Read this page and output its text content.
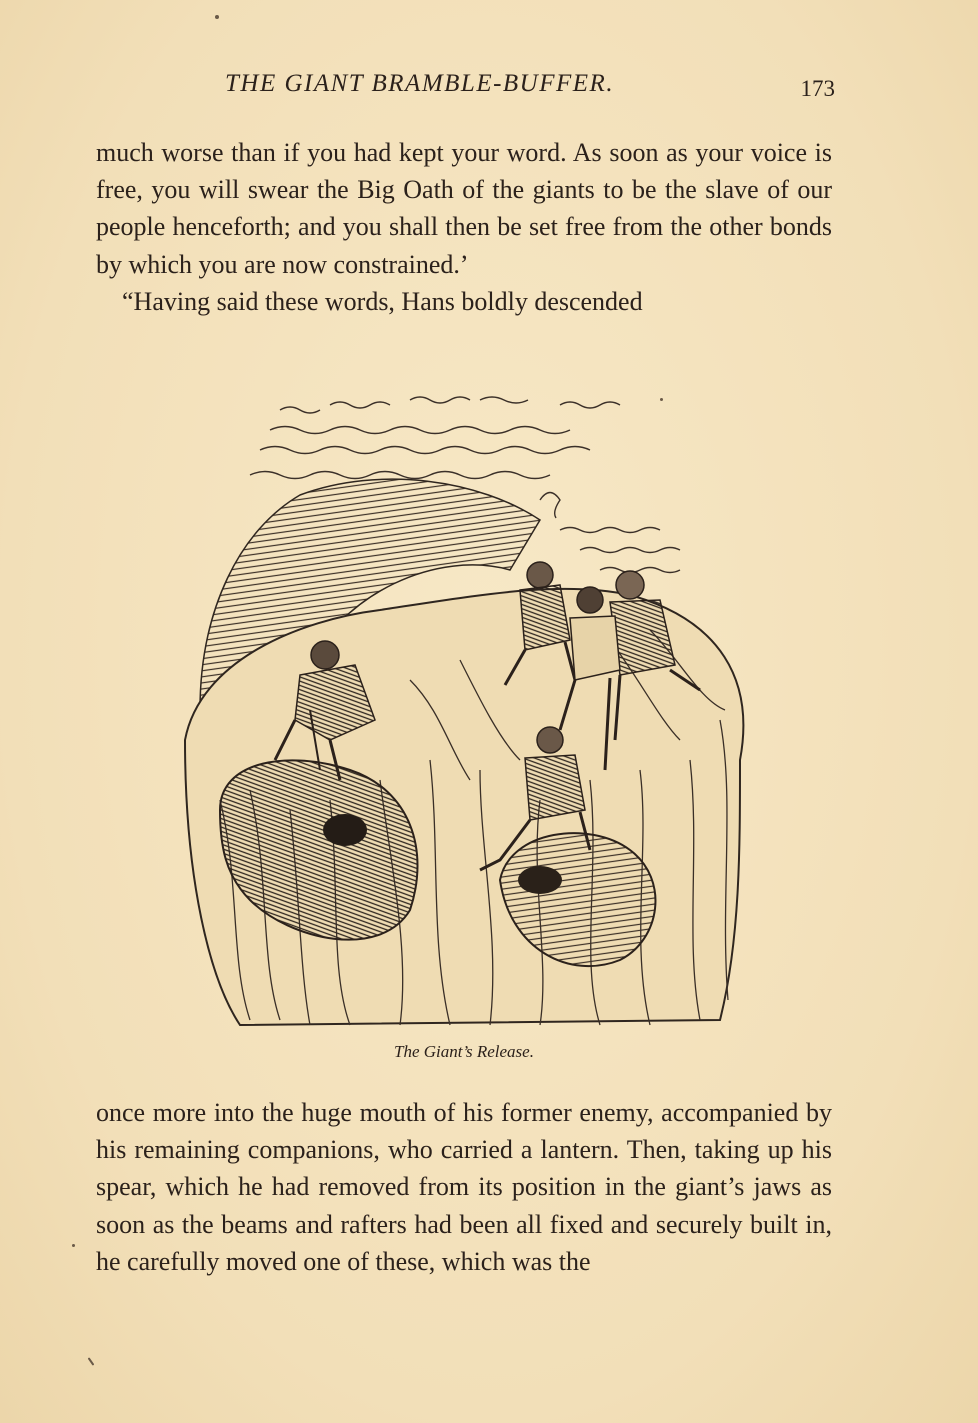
THE GIANT BRAMBLE-BUFFER.	173

much worse than if you had kept your word. As soon as your voice is free, you will swear the Big Oath of the giants to be the slave of our people henceforth; and you shall then be set free from the other bonds by which you are now constrained.’

“Having said these words, Hans boldly descended

The Giant’s Release.

once more into the huge mouth of his former enemy, accompanied by his remaining companions, who carried a lantern. Then, taking up his spear, which he had removed from its position in the giant’s jaws as soon as the beams and rafters had been all fixed and securely built in, he carefully moved one of these, which was the
